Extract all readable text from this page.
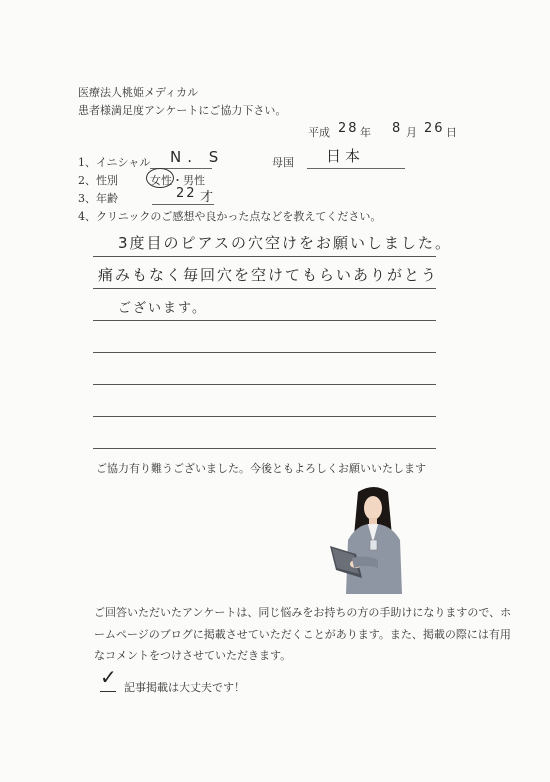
医療法人桃姫メディカル
患者様満足度アンケートにご協力下さい。
平成 28 年 8 月 26 日
1、イニシャル N. S	母国 日本
2、性別	女性・男性
3、年齢	22 才
4、クリニックのご感想や良かった点などを教えてください。
3度目のピアスの穴空けをお願いしました。
痛みもなく毎回穴を空けてもらいありがとう
ございます。
ご協力有り難うございました。今後ともよろしくお願いいたします
ご回答いただいたアンケートは、同じ悩みをお持ちの方の手助けになりますので、ホ
ームページのブログに掲載させていただくことがあります。また、掲載の際には有用
なコメントをつけさせていただきます。
✓ 記事掲載は大丈夫です！
